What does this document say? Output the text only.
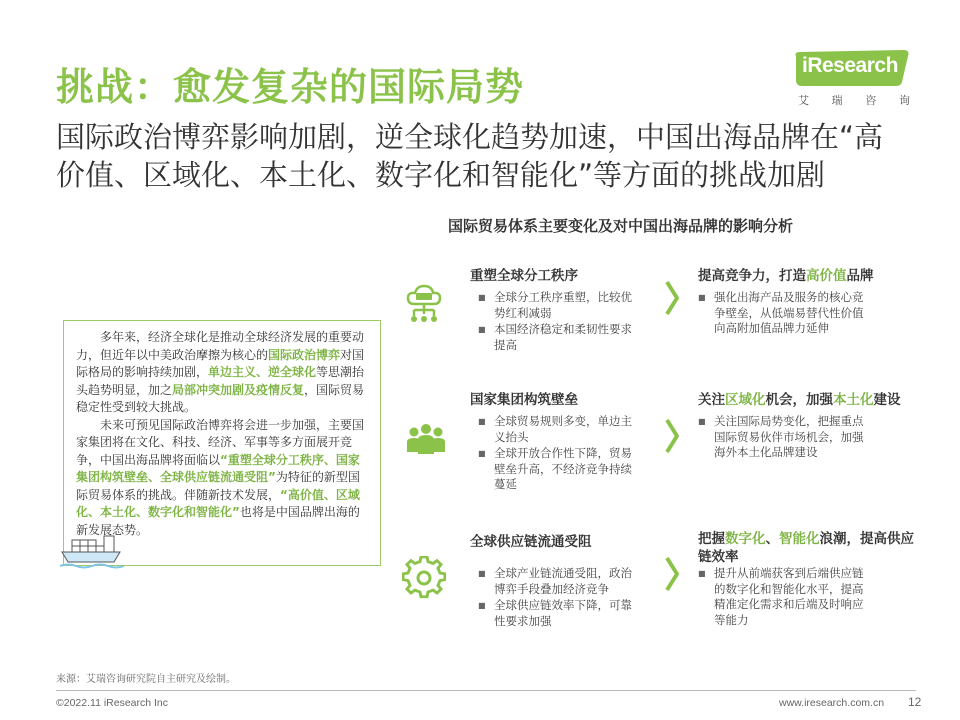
挑战：愈发复杂的国际局势
国际政治博弈影响加剧，逆全球化趋势加速，中国出海品牌在“高价值、区域化、本土化、数字化和智能化”等方面的挑战加剧
iResearch
艾 瑞 咨 询
国际贸易体系主要变化及对中国出海品牌的影响分析

多年来，经济全球化是推动全球经济发展的重要动力，但近年以中美政治摩擦为核心的国际政治博弈对国际格局的影响持续加剧，单边主义、逆全球化等思潮抬头趋势明显，加之局部冲突加剧及疫情反复，国际贸易稳定性受到较大挑战。

未来可预见国际政治博弈将会进一步加强，主要国家集团将在文化、科技、经济、军事等多方面展开竞争，中国出海品牌将面临以“重塑全球分工秩序、国家集团构筑壁垒、全球供应链流通受阻”为特征的新型国际贸易体系的挑战。伴随新技术发展，“高价值、区域化、本土化、数字化和智能化”也将是中国品牌出海的新发展态势。

重塑全球分工秩序
■ 全球分工秩序重塑，比较优势红利减弱
■ 本国经济稳定和柔韧性要求提高
提高竞争力，打造高价值品牌
■ 强化出海产品及服务的核心竞争壁垒，从低端易替代性价值向高附加值品牌力延伸
国家集团构筑壁垒
■ 全球贸易规则多变，单边主义抬头
■ 全球开放合作性下降，贸易壁垒升高，不经济竞争持续蔓延
关注区域化机会，加强本土化建设
■ 关注国际局势变化，把握重点国际贸易伙伴市场机会，加强海外本土化品牌建设
全球供应链流通受阻
■ 全球产业链流通受阻，政治博弈手段叠加经济竞争
■ 全球供应链效率下降，可靠性要求加强
把握数字化、智能化浪潮，提高供应链效率
■ 提升从前端获客到后端供应链的数字化和智能化水平，提高精准定化需求和后端及时响应等能力
来源：艾瑞咨询研究院自主研究及绘制。
©2022.11 iResearch Inc	www.iresearch.com.cn 12
